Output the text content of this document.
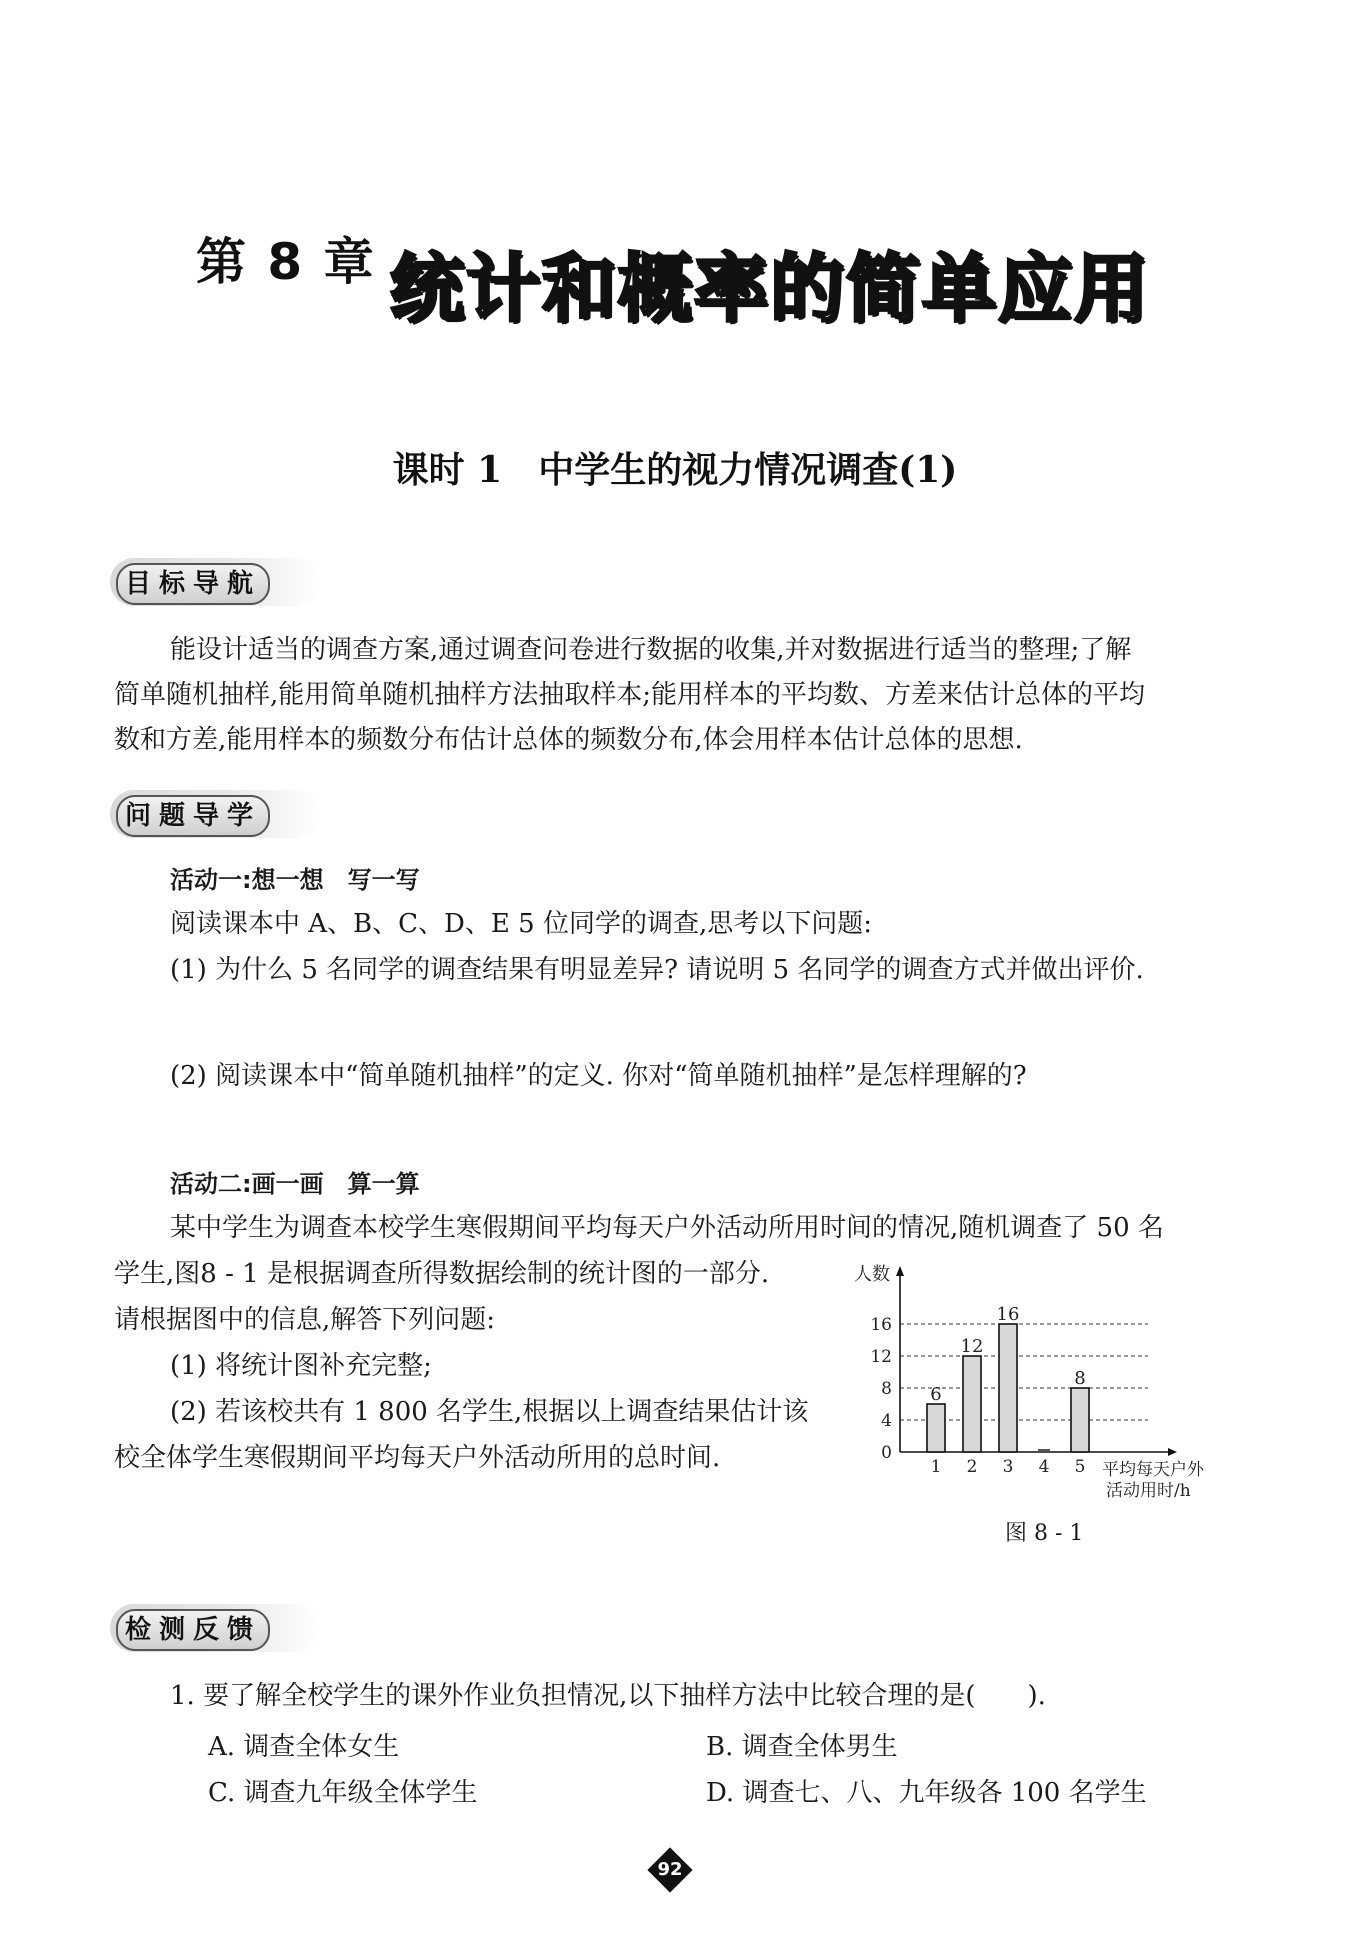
第 8 章 统计和概率的简单应用
课时 1　中学生的视力情况调查(1)
目标导航
能设计适当的调查方案,通过调查问卷进行数据的收集,并对数据进行适当的整理;了解
简单随机抽样,能用简单随机抽样方法抽取样本;能用样本的平均数、方差来估计总体的平均
数和方差,能用样本的频数分布估计总体的频数分布,体会用样本估计总体的思想.
问题导学
活动一:想一想　写一写
阅读课本中 A、B、C、D、E 5 位同学的调查,思考以下问题:
(1) 为什么 5 名同学的调查结果有明显差异? 请说明 5 名同学的调查方式并做出评价.
(2) 阅读课本中“简单随机抽样”的定义. 你对“简单随机抽样”是怎样理解的?
活动二:画一画　算一算
某中学生为调查本校学生寒假期间平均每天户外活动所用时间的情况,随机调查了 50 名
学生,图8 - 1 是根据调查所得数据绘制的统计图的一部分.
请根据图中的信息,解答下列问题:
(1) 将统计图补充完整;
(2) 若该校共有 1 800 名学生,根据以上调查结果估计该
校全体学生寒假期间平均每天户外活动所用的总时间.	0
4
8
12
16
人数
平均每天户外
活动用时/h
6
1
12
2
16
3 4
8
5
图 8 - 1
检测反馈
1. 要了解全校学生的课外作业负担情况,以下抽样方法中比较合理的是(　　).
A. 调查全体女生	B. 调查全体男生
C. 调查九年级全体学生	D. 调查七、八、九年级各 100 名学生
92
